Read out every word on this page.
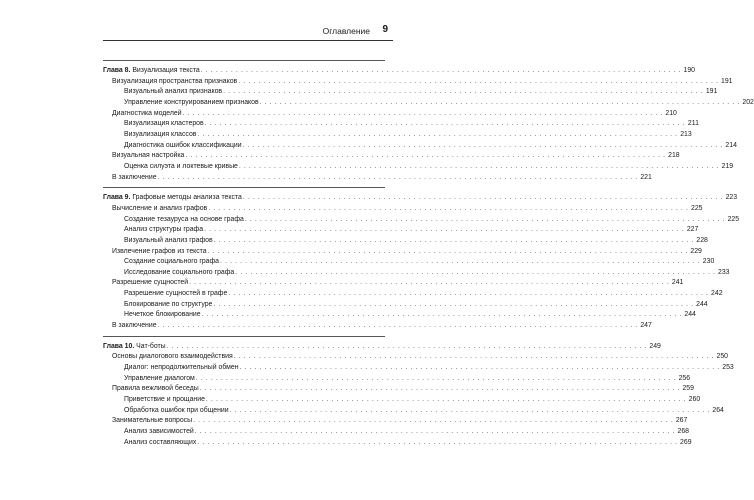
Оглавление 9
Глава 8. Визуализация текста . . . . . . . . . . . . . . . . . . . . . . . . . . . . . . . . . . . . . . . . . . . . . . . . . . . . . . . . . . . . . . . . . . . . . . . . . . . . . . . . . . . . . . . . . . . . . . . . 190
Визуализация пространства признаков . . . . . . . . . . . . . . . . . . . . . . . . . . . . . . . . . . . . . . . . . . . . . . . . . . . . . . . . . . . . . . . . . . . . . . . . . . . . . . . . . . . . . . . . . . . . . . . . 191
Визуальный анализ признаков . . . . . . . . . . . . . . . . . . . . . . . . . . . . . . . . . . . . . . . . . . . . . . . . . . . . . . . . . . . . . . . . . . . . . . . . . . . . . . . . . . . . . . . . . . . . . . . . 191
Управление конструированием признаков . . . . . . . . . . . . . . . . . . . . . . . . . . . . . . . . . . . . . . . . . . . . . . . . . . . . . . . . . . . . . . . . . . . . . . . . . . . . . . . . . . . . . . . . . . . . . . . . 202
Диагностика моделей . . . . . . . . . . . . . . . . . . . . . . . . . . . . . . . . . . . . . . . . . . . . . . . . . . . . . . . . . . . . . . . . . . . . . . . . . . . . . . . . . . . . . . . . . . . . . . . . 210
Визуализация кластеров . . . . . . . . . . . . . . . . . . . . . . . . . . . . . . . . . . . . . . . . . . . . . . . . . . . . . . . . . . . . . . . . . . . . . . . . . . . . . . . . . . . . . . . . . . . . . . . . 211
Визуализация классов . . . . . . . . . . . . . . . . . . . . . . . . . . . . . . . . . . . . . . . . . . . . . . . . . . . . . . . . . . . . . . . . . . . . . . . . . . . . . . . . . . . . . . . . . . . . . . . . 213
Диагностика ошибок классификации . . . . . . . . . . . . . . . . . . . . . . . . . . . . . . . . . . . . . . . . . . . . . . . . . . . . . . . . . . . . . . . . . . . . . . . . . . . . . . . . . . . . . . . . . . . . . . . . 214
Визуальная настройка . . . . . . . . . . . . . . . . . . . . . . . . . . . . . . . . . . . . . . . . . . . . . . . . . . . . . . . . . . . . . . . . . . . . . . . . . . . . . . . . . . . . . . . . . . . . . . . . 218
Оценка силуэта и локтевые кривые . . . . . . . . . . . . . . . . . . . . . . . . . . . . . . . . . . . . . . . . . . . . . . . . . . . . . . . . . . . . . . . . . . . . . . . . . . . . . . . . . . . . . . . . . . . . . . . . 219
В заключение . . . . . . . . . . . . . . . . . . . . . . . . . . . . . . . . . . . . . . . . . . . . . . . . . . . . . . . . . . . . . . . . . . . . . . . . . . . . . . . . . . . . . . . . . . . . . . . . 221
Глава 9. Графовые методы анализа текста . . . . . . . . . . . . . . . . . . . . . . . . . . . . . . . . . . . . . . . . . . . . . . . . . . . . . . . . . . . . . . . . . . . . . . . . . . . . . . . . . . . . . . . . . . . . . . . . 223
Вычисление и анализ графов . . . . . . . . . . . . . . . . . . . . . . . . . . . . . . . . . . . . . . . . . . . . . . . . . . . . . . . . . . . . . . . . . . . . . . . . . . . . . . . . . . . . . . . . . . . . . . . . 225
Создание тезауруса на основе графа . . . . . . . . . . . . . . . . . . . . . . . . . . . . . . . . . . . . . . . . . . . . . . . . . . . . . . . . . . . . . . . . . . . . . . . . . . . . . . . . . . . . . . . . . . . . . . . . 225
Анализ структуры графа . . . . . . . . . . . . . . . . . . . . . . . . . . . . . . . . . . . . . . . . . . . . . . . . . . . . . . . . . . . . . . . . . . . . . . . . . . . . . . . . . . . . . . . . . . . . . . . . 227
Визуальный анализ графов . . . . . . . . . . . . . . . . . . . . . . . . . . . . . . . . . . . . . . . . . . . . . . . . . . . . . . . . . . . . . . . . . . . . . . . . . . . . . . . . . . . . . . . . . . . . . . . . 228
Извлечение графов из текста . . . . . . . . . . . . . . . . . . . . . . . . . . . . . . . . . . . . . . . . . . . . . . . . . . . . . . . . . . . . . . . . . . . . . . . . . . . . . . . . . . . . . . . . . . . . . . . . 229
Создание социального графа . . . . . . . . . . . . . . . . . . . . . . . . . . . . . . . . . . . . . . . . . . . . . . . . . . . . . . . . . . . . . . . . . . . . . . . . . . . . . . . . . . . . . . . . . . . . . . . . 230
Исследование социального графа . . . . . . . . . . . . . . . . . . . . . . . . . . . . . . . . . . . . . . . . . . . . . . . . . . . . . . . . . . . . . . . . . . . . . . . . . . . . . . . . . . . . . . . . . . . . . . . . 233
Разрешение сущностей . . . . . . . . . . . . . . . . . . . . . . . . . . . . . . . . . . . . . . . . . . . . . . . . . . . . . . . . . . . . . . . . . . . . . . . . . . . . . . . . . . . . . . . . . . . . . . . . 241
Разрешение сущностей в графе . . . . . . . . . . . . . . . . . . . . . . . . . . . . . . . . . . . . . . . . . . . . . . . . . . . . . . . . . . . . . . . . . . . . . . . . . . . . . . . . . . . . . . . . . . . . . . . . 242
Блокирование по структуре . . . . . . . . . . . . . . . . . . . . . . . . . . . . . . . . . . . . . . . . . . . . . . . . . . . . . . . . . . . . . . . . . . . . . . . . . . . . . . . . . . . . . . . . . . . . . . . . 244
Нечеткое блокирование . . . . . . . . . . . . . . . . . . . . . . . . . . . . . . . . . . . . . . . . . . . . . . . . . . . . . . . . . . . . . . . . . . . . . . . . . . . . . . . . . . . . . . . . . . . . . . . . 244
В заключение . . . . . . . . . . . . . . . . . . . . . . . . . . . . . . . . . . . . . . . . . . . . . . . . . . . . . . . . . . . . . . . . . . . . . . . . . . . . . . . . . . . . . . . . . . . . . . . . 247
Глава 10. Чат-боты . . . . . . . . . . . . . . . . . . . . . . . . . . . . . . . . . . . . . . . . . . . . . . . . . . . . . . . . . . . . . . . . . . . . . . . . . . . . . . . . . . . . . . . . . . . . . . . . 249
Основы диалогового взаимодействия . . . . . . . . . . . . . . . . . . . . . . . . . . . . . . . . . . . . . . . . . . . . . . . . . . . . . . . . . . . . . . . . . . . . . . . . . . . . . . . . . . . . . . . . . . . . . . . . 250
Диалог: непродолжительный обмен . . . . . . . . . . . . . . . . . . . . . . . . . . . . . . . . . . . . . . . . . . . . . . . . . . . . . . . . . . . . . . . . . . . . . . . . . . . . . . . . . . . . . . . . . . . . . . . . 253
Управление диалогом . . . . . . . . . . . . . . . . . . . . . . . . . . . . . . . . . . . . . . . . . . . . . . . . . . . . . . . . . . . . . . . . . . . . . . . . . . . . . . . . . . . . . . . . . . . . . . . . 256
Правила вежливой беседы . . . . . . . . . . . . . . . . . . . . . . . . . . . . . . . . . . . . . . . . . . . . . . . . . . . . . . . . . . . . . . . . . . . . . . . . . . . . . . . . . . . . . . . . . . . . . . . . 259
Приветствие и прощание . . . . . . . . . . . . . . . . . . . . . . . . . . . . . . . . . . . . . . . . . . . . . . . . . . . . . . . . . . . . . . . . . . . . . . . . . . . . . . . . . . . . . . . . . . . . . . . . 260
Обработка ошибок при общении . . . . . . . . . . . . . . . . . . . . . . . . . . . . . . . . . . . . . . . . . . . . . . . . . . . . . . . . . . . . . . . . . . . . . . . . . . . . . . . . . . . . . . . . . . . . . . . . 264
Занимательные вопросы . . . . . . . . . . . . . . . . . . . . . . . . . . . . . . . . . . . . . . . . . . . . . . . . . . . . . . . . . . . . . . . . . . . . . . . . . . . . . . . . . . . . . . . . . . . . . . . . 267
Анализ зависимостей . . . . . . . . . . . . . . . . . . . . . . . . . . . . . . . . . . . . . . . . . . . . . . . . . . . . . . . . . . . . . . . . . . . . . . . . . . . . . . . . . . . . . . . . . . . . . . . . 268
Анализ составляющих . . . . . . . . . . . . . . . . . . . . . . . . . . . . . . . . . . . . . . . . . . . . . . . . . . . . . . . . . . . . . . . . . . . . . . . . . . . . . . . . . . . . . . . . . . . . . . . . 269
